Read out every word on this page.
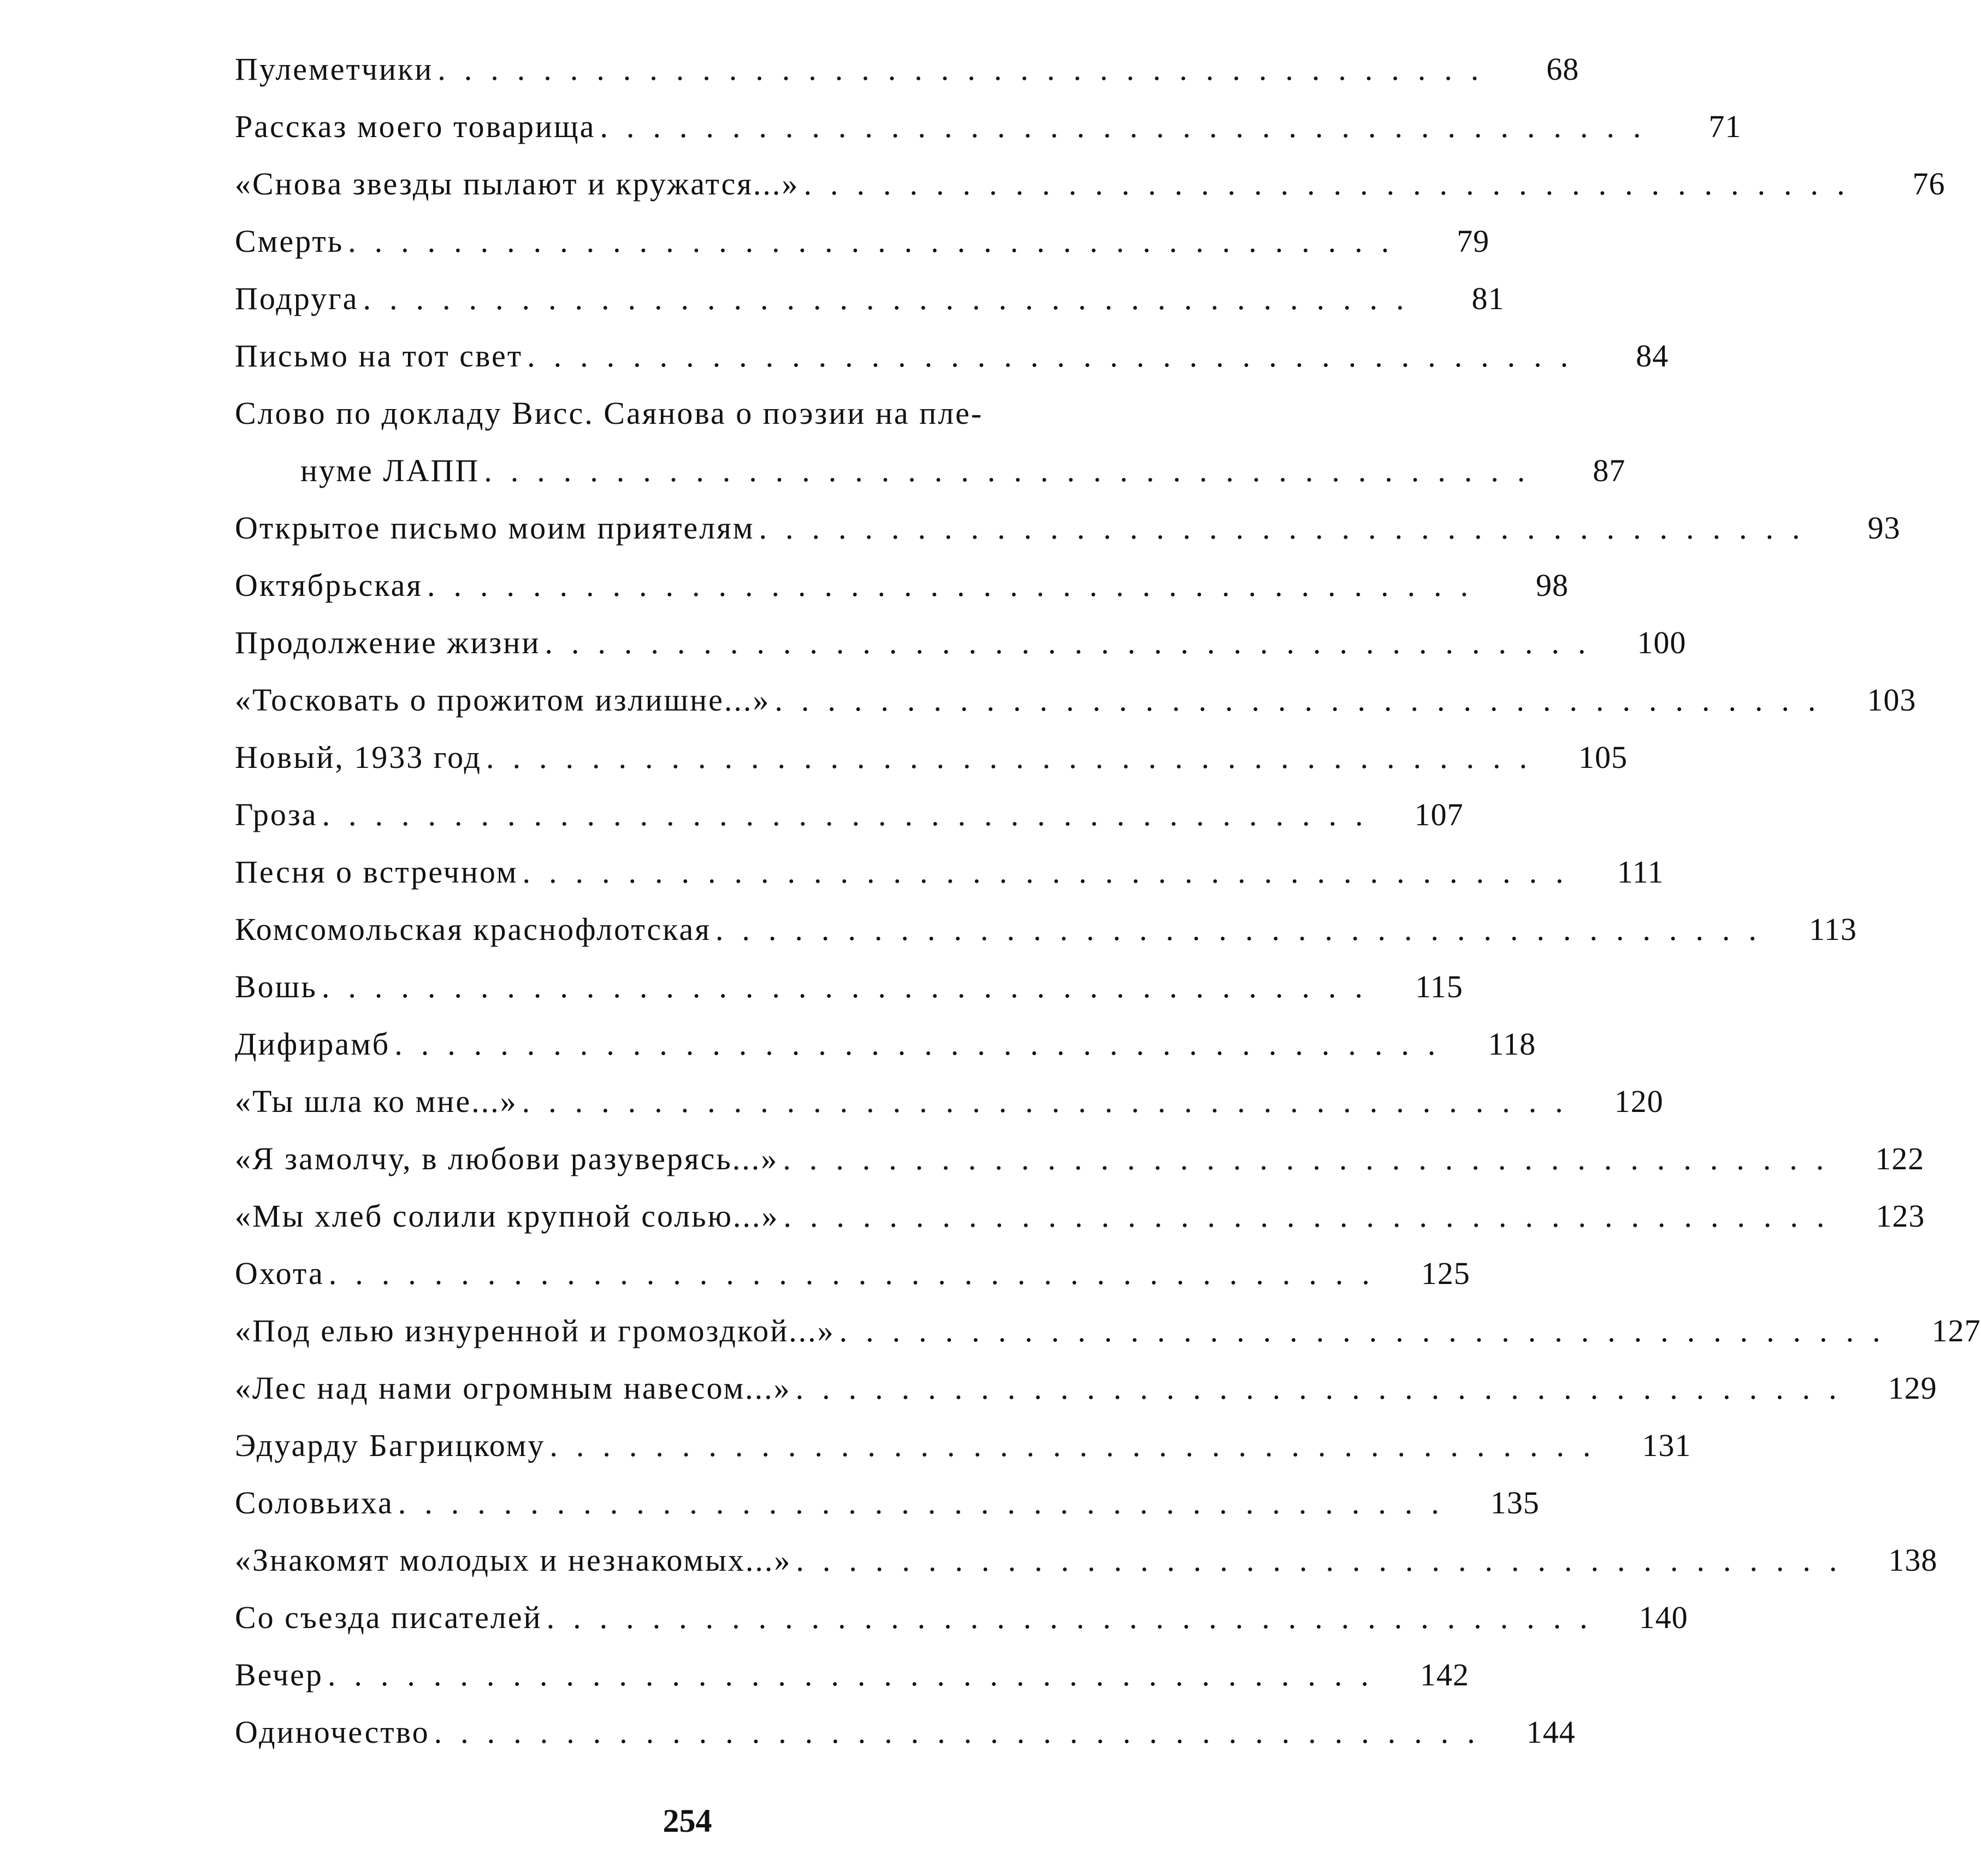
Пулеметчики ........................................	68
Рассказ моего товарища ........................................	71
«Снова звезды пылают и кружатся...» ........................................	76
Смерть ........................................	79
Подруга ........................................	81
Письмо на тот свет ........................................	84
Слово по докладу Висс. Саянова о поэзии на пле-
нуме ЛАПП ........................................	87
Открытое письмо моим приятелям ........................................	93
Октябрьская ........................................	98
Продолжение жизни ........................................	100
«Тосковать о прожитом излишне...» ........................................	103
Новый, 1933 год ........................................	105
Гроза ........................................	107
Песня о встречном ........................................	111
Комсомольская краснофлотская ........................................	113
Вошь ........................................	115
Дифирамб ........................................	118
«Ты шла ко мне...» ........................................	120
«Я замолчу, в любови разуверясь...» ........................................	122
«Мы хлеб солили крупной солью...» ........................................	123
Охота ........................................	125
«Под елью изнуренной и громоздкой...» ........................................	127
«Лес над нами огромным навесом...» ........................................	129
Эдуарду Багрицкому ........................................	131
Соловьиха ........................................	135
«Знакомят молодых и незнакомых...» ........................................	138
Со съезда писателей ........................................	140
Вечер ........................................	142
Одиночество ........................................	144
254
